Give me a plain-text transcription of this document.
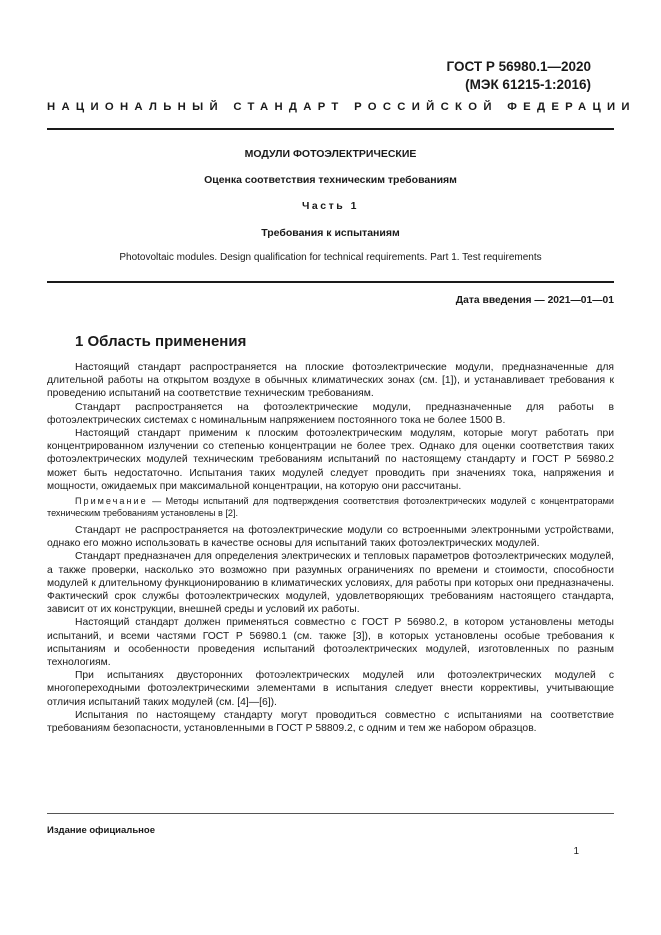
ГОСТ Р 56980.1—2020
(МЭК 61215-1:2016)
НАЦИОНАЛЬНЫЙ СТАНДАРТ РОССИЙСКОЙ ФЕДЕРАЦИИ
МОДУЛИ ФОТОЭЛЕКТРИЧЕСКИЕ
Оценка соответствия техническим требованиям
Часть 1
Требования к испытаниям
Photovoltaic modules. Design qualification for technical requirements. Part 1. Test requirements
Дата введения — 2021—01—01
1 Область применения

Настоящий стандарт распространяется на плоские фотоэлектрические модули, предназначенные для длительной работы на открытом воздухе в обычных климатических зонах (см. [1]), и устанавливает требования к проведению испытаний на соответствие техническим требованиям.

Стандарт распространяется на фотоэлектрические модули, предназначенные для работы в фотоэлектрических системах с номинальным напряжением постоянного тока не более 1500 В.

Настоящий стандарт применим к плоским фотоэлектрическим модулям, которые могут работать при концентрированном излучении со степенью концентрации не более трех. Однако для оценки соответствия таких фотоэлектрических модулей техническим требованиям испытаний по настоящему стандарту и ГОСТ Р 56980.2 может быть недостаточно. Испытания таких модулей следует проводить при значениях тока, напряжения и мощности, ожидаемых при максимальной концентрации, на которую они рассчитаны.

Примечание — Методы испытаний для подтверждения соответствия фотоэлектрических модулей с концентраторами техническим требованиям установлены в [2].

Стандарт не распространяется на фотоэлектрические модули со встроенными электронными устройствами, однако его можно использовать в качестве основы для испытаний таких фотоэлектрических модулей.

Стандарт предназначен для определения электрических и тепловых параметров фотоэлектрических модулей, а также проверки, насколько это возможно при разумных ограничениях по времени и стоимости, способности модулей к длительному функционированию в климатических условиях, для работы при которых они предназначены. Фактический срок службы фотоэлектрических модулей, удовлетворяющих требованиям настоящего стандарта, зависит от их конструкции, внешней среды и условий их работы.

Настоящий стандарт должен применяться совместно с ГОСТ Р 56980.2, в котором установлены методы испытаний, и всеми частями ГОСТ Р 56980.1 (см. также [3]), в которых установлены особые требования к испытаниям и особенности проведения испытаний фотоэлектрических модулей, изготовленных по разным технологиям.

При испытаниях двусторонних фотоэлектрических модулей или фотоэлектрических модулей с многопереходными фотоэлектрическими элементами в испытания следует внести коррективы, учитывающие отличия испытаний таких модулей (см. [4]—[6]).

Испытания по настоящему стандарту могут проводиться совместно с испытаниями на соответствие требованиям безопасности, установленными в ГОСТ Р 58809.2, с одним и тем же набором образцов.

Издание официальное
1
